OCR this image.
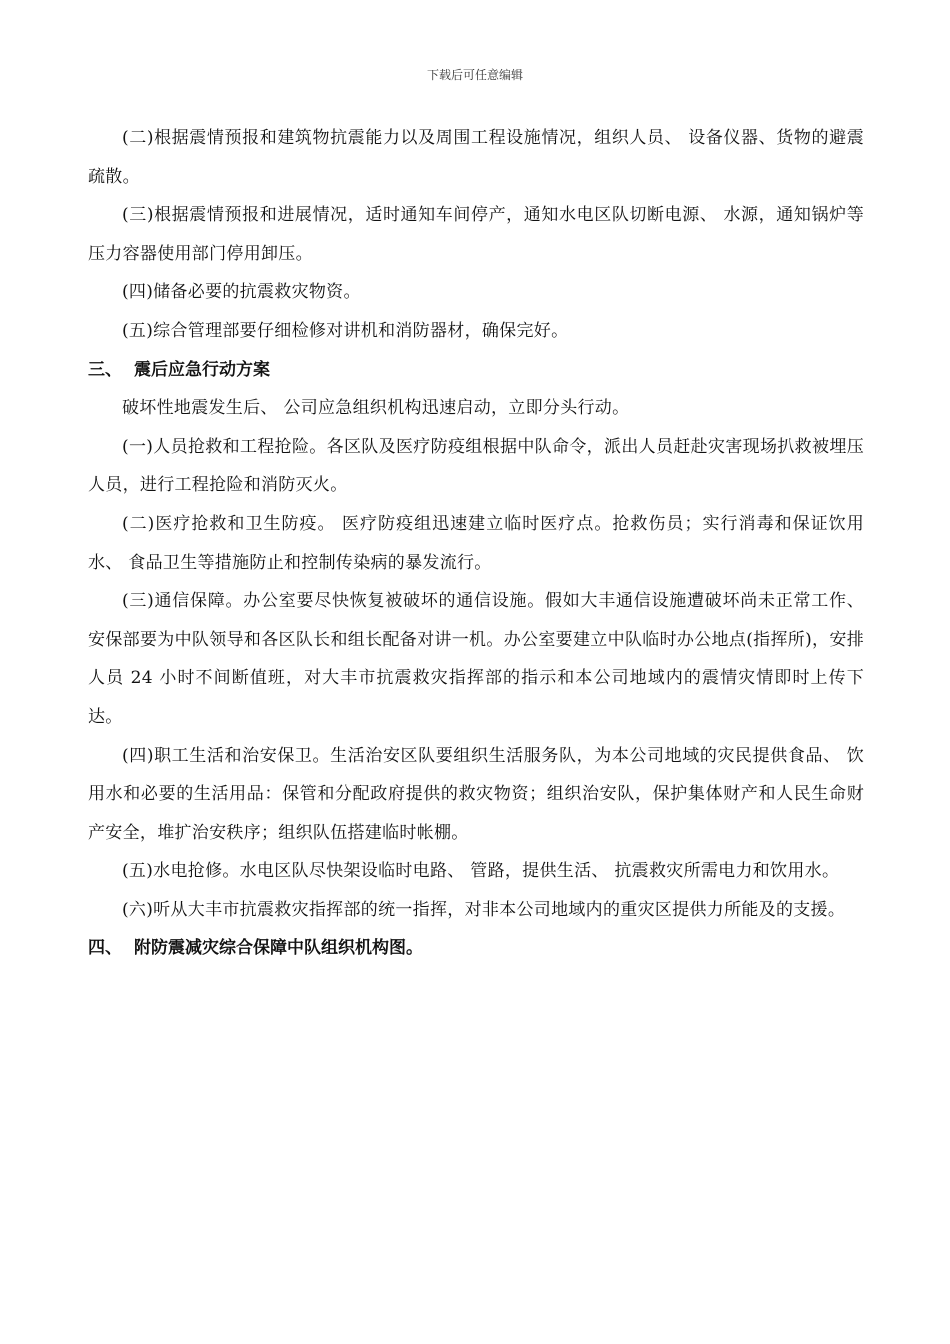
下载后可任意编辑

(二)根据震情预报和建筑物抗震能力以及周围工程设施情况，组织人员、 设备仪器、货物的避震疏散。

(三)根据震情预报和进展情况，适时通知车间停产，通知水电区队切断电源、 水源，通知锅炉等压力容器使用部门停用卸压。

(四)储备必要的抗震救灾物资。

(五)综合管理部要仔细检修对讲机和消防器材，确保完好。

三、 震后应急行动方案

破坏性地震发生后、 公司应急组织机构迅速启动，立即分头行动。

(一)人员抢救和工程抢险。各区队及医疗防疫组根据中队命令，派出人员赶赴灾害现场扒救被埋压人员，进行工程抢险和消防灭火。

(二)医疗抢救和卫生防疫。 医疗防疫组迅速建立临时医疗点。抢救伤员；实行消毒和保证饮用水、 食品卫生等措施防止和控制传染病的暴发流行。

(三)通信保障。办公室要尽快恢复被破坏的通信设施。假如大丰通信设施遭破坏尚未正常工作、 安保部要为中队领导和各区队长和组长配备对讲一机。办公室要建立中队临时办公地点(指挥所)，安排人员 24 小时不间断值班，对大丰市抗震救灾指挥部的指示和本公司地域内的震情灾情即时上传下达。

(四)职工生活和治安保卫。生活治安区队要组织生活服务队，为本公司地域的灾民提供食品、 饮用水和必要的生活用品：保管和分配政府提供的救灾物资；组织治安队，保护集体财产和人民生命财产安全，堆扩治安秩序；组织队伍搭建临时帐棚。

(五)水电抢修。水电区队尽快架设临时电路、 管路，提供生活、 抗震救灾所需电力和饮用水。

(六)听从大丰市抗震救灾指挥部的统一指挥，对非本公司地域内的重灾区提供力所能及的支援。

四、 附防震减灾综合保障中队组织机构图。
